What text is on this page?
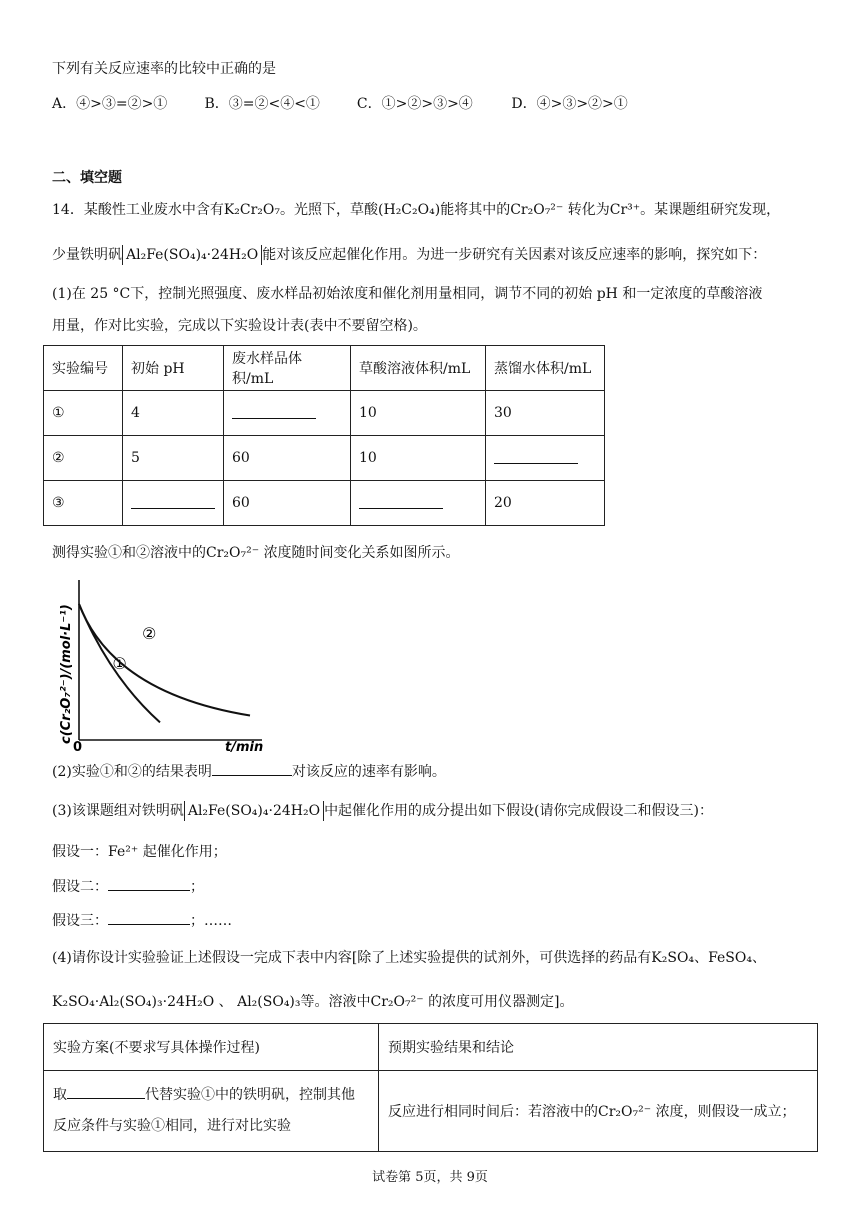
下列有关反应速率的比较中正确的是
A．④>③=②>①	B．③=②<④<①	C．①>②>③>④	D．④>③>②>①
二、填空题
14．某酸性工业废水中含有K₂Cr₂O₇。光照下，草酸(H₂C₂O₄)能将其中的Cr₂O₇²⁻ 转化为Cr³⁺。某课题组研究发现，
少量铁明矾 Al₂Fe(SO₄)₄·24H₂O 能对该反应起催化作用。为进一步研究有关因素对该反应速率的影响，探究如下：
(1)在 25 °C下，控制光照强度、废水样品初始浓度和催化剂用量相同，调节不同的初始 pH 和一定浓度的草酸溶液
用量，作对比实验，完成以下实验设计表(表中不要留空格)。
实验编号	初始 pH	废水样品体积/mL	草酸溶液体积/mL	蒸馏水体积/mL
①	4		10	30
②	5	60	10	
③		60		20
测得实验①和②溶液中的Cr₂O₇²⁻ 浓度随时间变化关系如图所示。
c(Cr₂O₇²⁻)/(mol·L⁻¹)
t/min
0
①
②
(2)实验①和②的结果表明	对该反应的速率有影响。
(3)该课题组对铁明矾 Al₂Fe(SO₄)₄·24H₂O 中起催化作用的成分提出如下假设(请你完成假设二和假设三)：
假设一：Fe²⁺ 起催化作用；
假设二：	；
假设三：	；……
(4)请你设计实验验证上述假设一完成下表中内容[除了上述实验提供的试剂外，可供选择的药品有K₂SO₄、FeSO₄、
K₂SO₄·Al₂(SO₄)₃·24H₂O 、 Al₂(SO₄)₃等。溶液中Cr₂O₇²⁻ 的浓度可用仪器测定]。
实验方案(不要求写具体操作过程)	预期实验结果和结论
取 代替实验①中的铁明矾，控制其他
反应条件与实验①相同，进行对比实验	反应进行相同时间后：若溶液中的Cr₂O₇²⁻ 浓度，则假设一成立；
试卷第 5页，共 9页
